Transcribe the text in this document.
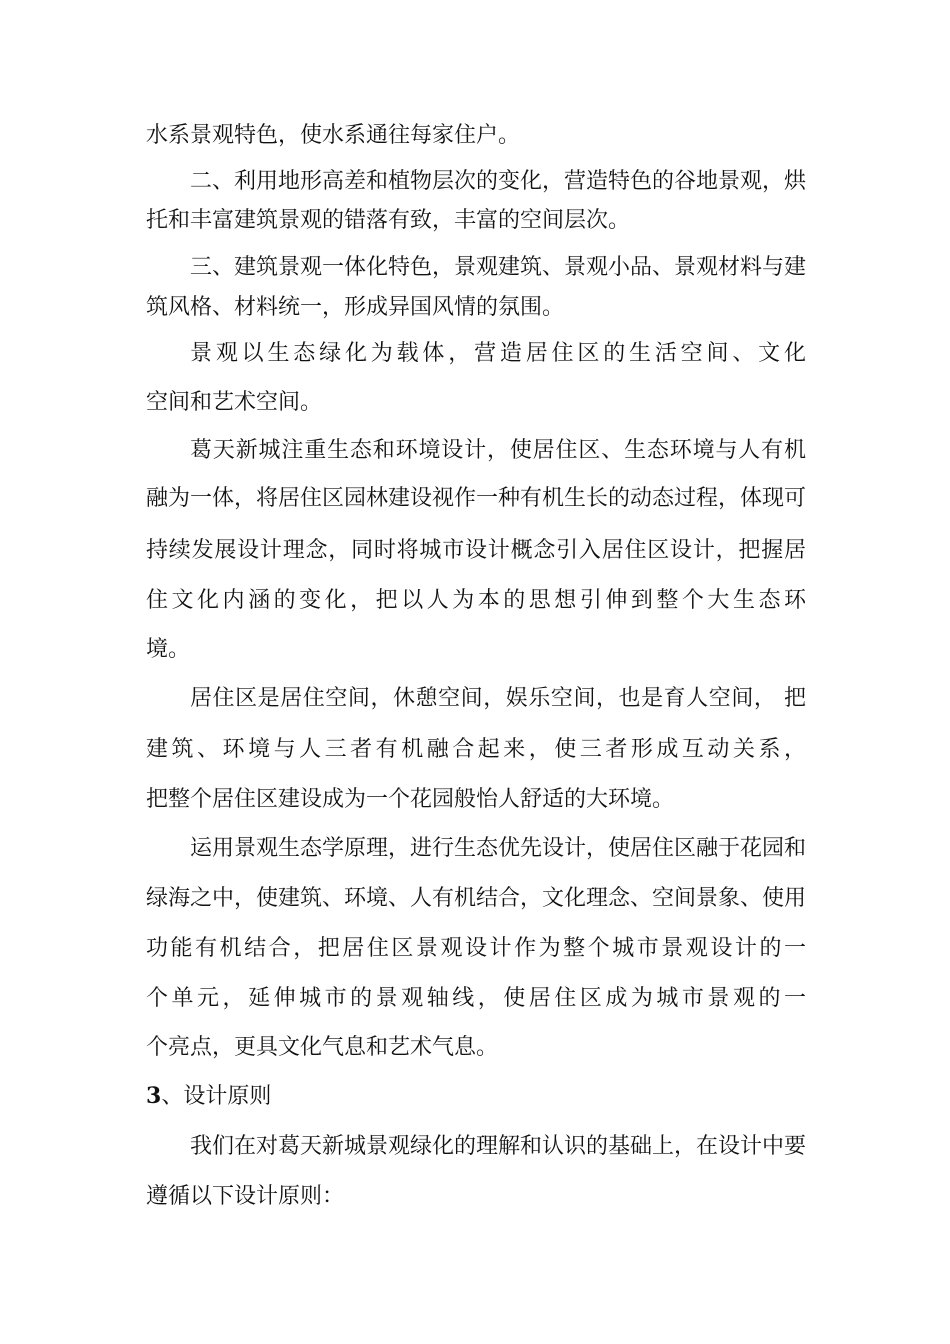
水系景观特色，使水系通往每家住户。

二、利用地形高差和植物层次的变化，营造特色的谷地景观，烘

托和丰富建筑景观的错落有致，丰富的空间层次。

三、建筑景观一体化特色，景观建筑、景观小品、景观材料与建

筑风格、材料统一，形成异国风情的氛围。

景观以生态绿化为载体，营造居住区的生活空间、文化

空间和艺术空间。

葛天新城注重生态和环境设计，使居住区、生态环境与人有机

融为一体，将居住区园林建设视作一种有机生长的动态过程，体现可

持续发展设计理念，同时将城市设计概念引入居住区设计，把握居

住文化内涵的变化，把以人为本的思想引伸到整个大生态环

境。

居住区是居住空间，休憩空间，娱乐空间，也是育人空间， 把

建筑、环境与人三者有机融合起来，使三者形成互动关系，

把整个居住区建设成为一个花园般怡人舒适的大环境。

运用景观生态学原理，进行生态优先设计，使居住区融于花园和

绿海之中，使建筑、环境、人有机结合，文化理念、空间景象、使用

功能有机结合，把居住区景观设计作为整个城市景观设计的一

个单元，延伸城市的景观轴线，使居住区成为城市景观的一

个亮点，更具文化气息和艺术气息。

3、设计原则

我们在对葛天新城景观绿化的理解和认识的基础上，在设计中要

遵循以下设计原则：
